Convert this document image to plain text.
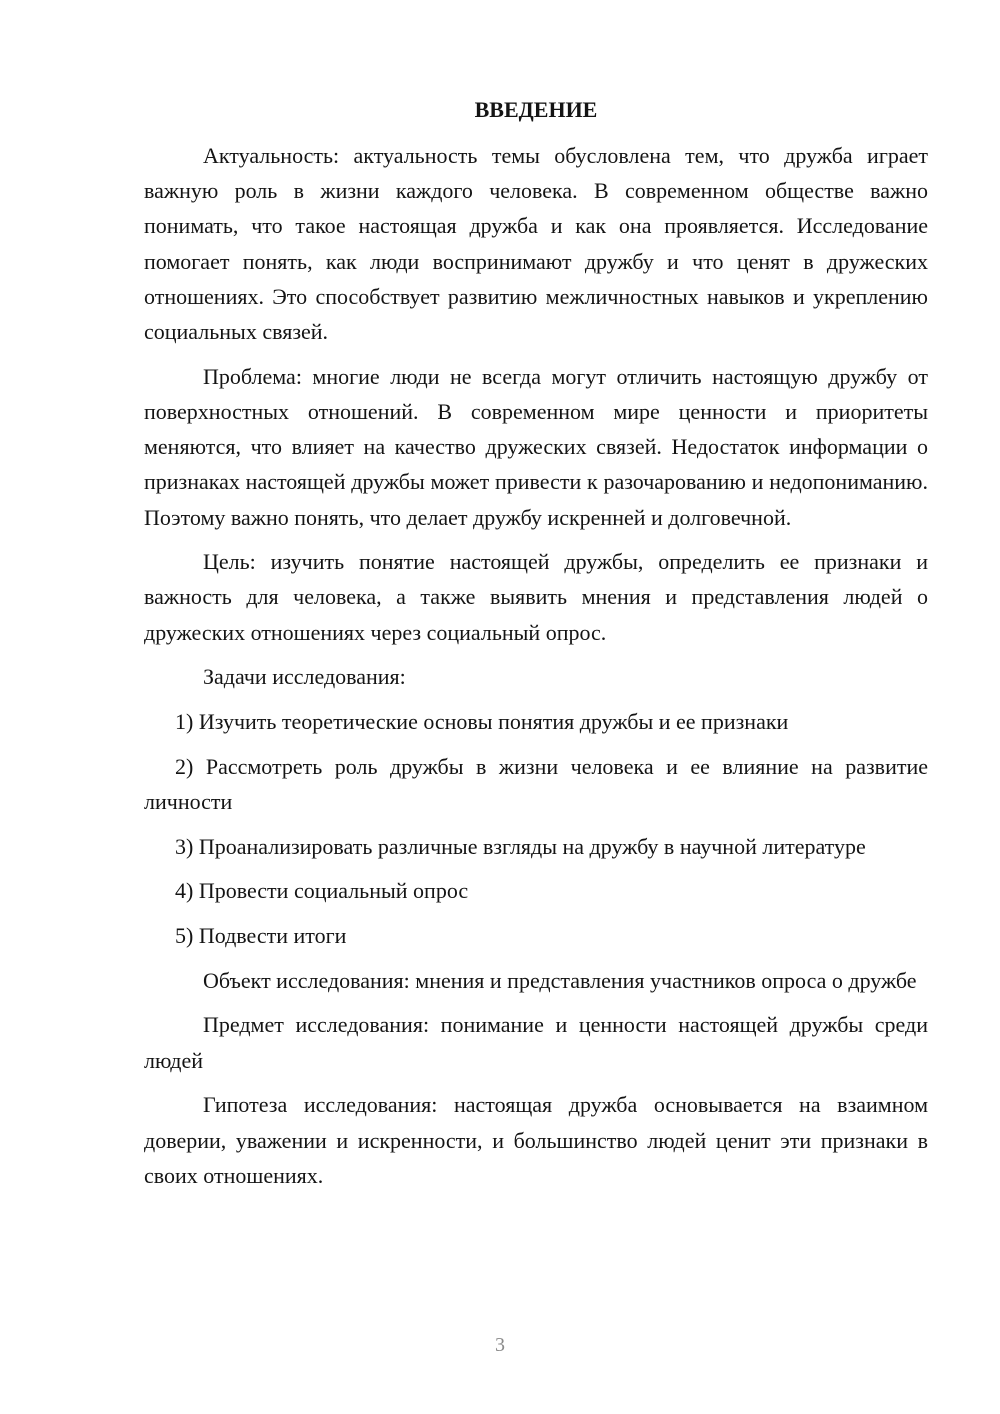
ВВЕДЕНИЕ

Актуальность: актуальность темы обусловлена тем, что дружба играет важную роль в жизни каждого человека. В современном обществе важно понимать, что такое настоящая дружба и как она проявляется. Исследование помогает понять, как люди воспринимают дружбу и что ценят в дружеских отношениях. Это способствует развитию межличностных навыков и укреплению социальных связей.

Проблема: многие люди не всегда могут отличить настоящую дружбу от поверхностных отношений. В современном мире ценности и приоритеты меняются, что влияет на качество дружеских связей. Недостаток информации о признаках настоящей дружбы может привести к разочарованию и недопониманию. Поэтому важно понять, что делает дружбу искренней и долговечной.

Цель: изучить понятие настоящей дружбы, определить ее признаки и важность для человека, а также выявить мнения и представления людей о дружеских отношениях через социальный опрос.

Задачи исследования:

1) Изучить теоретические основы понятия дружбы и ее признаки

2) Рассмотреть роль дружбы в жизни человека и ее влияние на развитие личности

3) Проанализировать различные взгляды на дружбу в научной литературе

4) Провести социальный опрос

5) Подвести итоги

Объект исследования: мнения и представления участников опроса о дружбе

Предмет исследования: понимание и ценности настоящей дружбы среди людей

Гипотеза исследования: настоящая дружба основывается на взаимном доверии, уважении и искренности, и большинство людей ценит эти признаки в своих отношениях.

3
